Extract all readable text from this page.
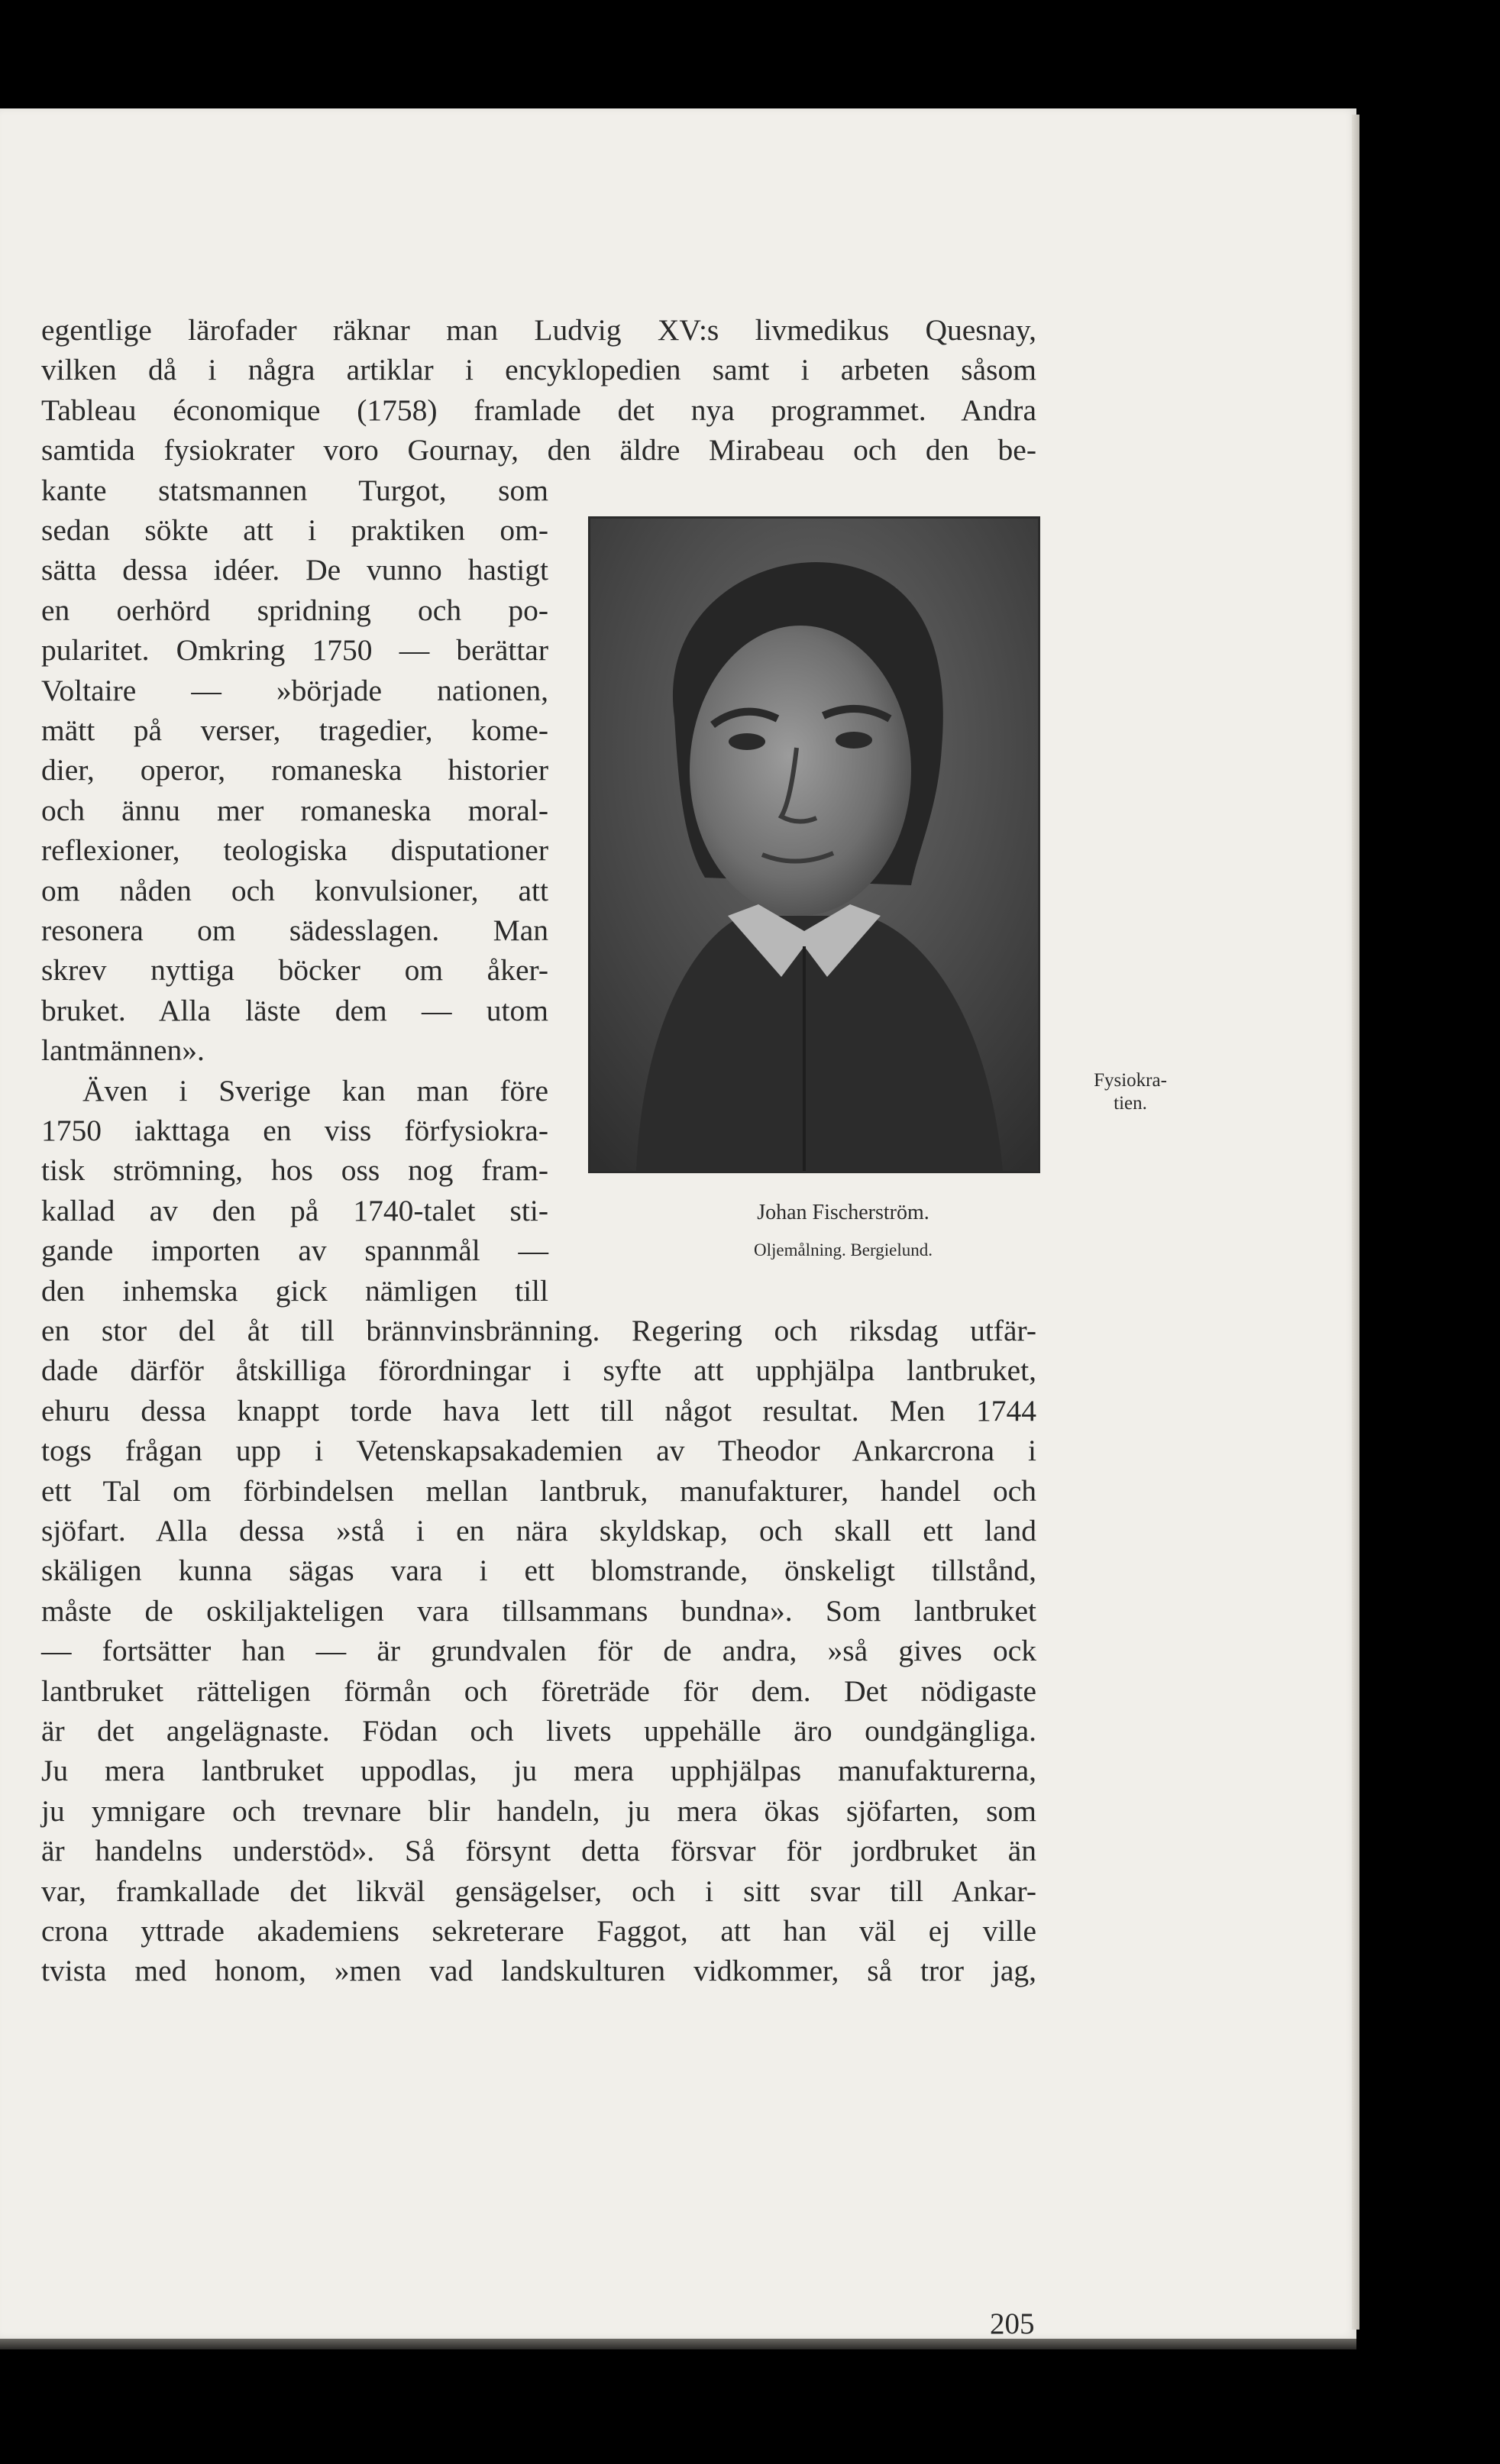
egentlige lärofader räknar man Ludvig XV:s livmedikus Quesnay,
vilken då i några artiklar i encyklopedien samt i arbeten såsom
Tableau économique (1758) framlade det nya programmet. Andra
samtida fysiokrater voro Gournay, den äldre Mirabeau och den be-
kante statsmannen Turgot, som
sedan sökte att i praktiken om-
sätta dessa idéer. De vunno hastigt
en oerhörd spridning och po-
pularitet. Omkring 1750 — berättar
Voltaire — »började nationen,
mätt på verser, tragedier, kome-
dier, operor, romaneska historier
och ännu mer romaneska moral-
reflexioner, teologiska disputationer
om nåden och konvulsioner, att
resonera om sädesslagen. Man
skrev nyttiga böcker om åker-
bruket. Alla läste dem — utom
lantmännen».
Även i Sverige kan man före
1750 iakttaga en viss förfysiokra-
tisk strömning, hos oss nog fram-
kallad av den på 1740-talet sti-
gande importen av spannmål —
den inhemska gick nämligen till
en stor del åt till brännvinsbränning. Regering och riksdag utfär-
dade därför åtskilliga förordningar i syfte att upphjälpa lantbruket,
ehuru dessa knappt torde hava lett till något resultat. Men 1744
togs frågan upp i Vetenskapsakademien av Theodor Ankarcrona i
ett Tal om förbindelsen mellan lantbruk, manufakturer, handel och
sjöfart. Alla dessa »stå i en nära skyldskap, och skall ett land
skäligen kunna sägas vara i ett blomstrande, önskeligt tillstånd,
måste de oskiljakteligen vara tillsammans bundna». Som lantbruket
— fortsätter han — är grundvalen för de andra, »så gives ock
lantbruket rätteligen förmån och företräde för dem. Det nödigaste
är det angelägnaste. Födan och livets uppehälle äro oundgängliga.
Ju mera lantbruket uppodlas, ju mera upphjälpas manufakturerna,
ju ymnigare och trevnare blir handeln, ju mera ökas sjöfarten, som
är handelns understöd». Så försynt detta försvar för jordbruket än
var, framkallade det likväl gensägelser, och i sitt svar till Ankar-
crona yttrade akademiens sekreterare Faggot, att han väl ej ville
tvista med honom, »men vad landskulturen vidkommer, så tror jag,
Johan Fischerström.
Oljemålning. Bergielund.
Fysiokra-
tien.
205
